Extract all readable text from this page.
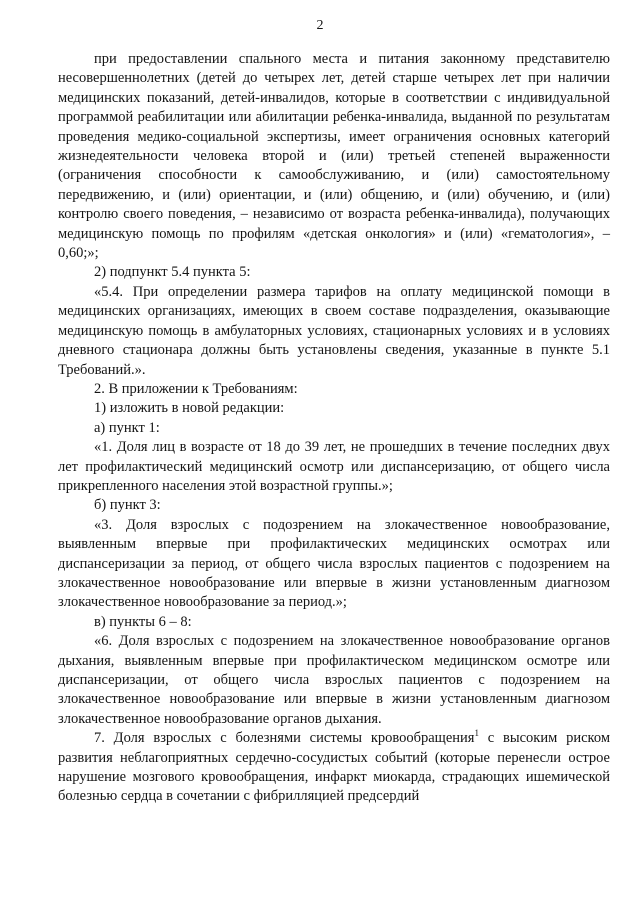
2

при предоставлении спального места и питания законному представителю несовершеннолетних (детей до четырех лет, детей старше четырех лет при наличии медицинских показаний, детей-инвалидов, которые в соответствии с индивидуальной программой реабилитации или абилитации ребенка-инвалида, выданной по результатам проведения медико-социальной экспертизы, имеет ограничения основных категорий жизнедеятельности человека второй и (или) третьей степеней выраженности (ограничения способности к самообслуживанию, и (или) самостоятельному передвижению, и (или) ориентации, и (или) общению, и (или) обучению, и (или) контролю своего поведения, – независимо от возраста ребенка-инвалида), получающих медицинскую помощь по профилям «детская онкология» и (или) «гематология», – 0,60;»;

2) подпункт 5.4 пункта 5:

«5.4. При определении размера тарифов на оплату медицинской помощи в медицинских организациях, имеющих в своем составе подразделения, оказывающие медицинскую помощь в амбулаторных условиях, стационарных условиях и в условиях дневного стационара должны быть установлены сведения, указанные в пункте 5.1 Требований.».

2. В приложении к Требованиям:

1) изложить в новой редакции:

а) пункт 1:

«1. Доля лиц в возрасте от 18 до 39 лет, не прошедших в течение последних двух лет профилактический медицинский осмотр или диспансеризацию, от общего числа прикрепленного населения этой возрастной группы.»;

б) пункт 3:

«3. Доля взрослых с подозрением на злокачественное новообразование, выявленным впервые при профилактических медицинских осмотрах или диспансеризации за период, от общего числа взрослых пациентов с подозрением на злокачественное новообразование или впервые в жизни установленным диагнозом злокачественное новообразование за период.»;

в) пункты 6 – 8:

«6. Доля взрослых с подозрением на злокачественное новообразование органов дыхания, выявленным впервые при профилактическом медицинском осмотре или диспансеризации, от общего числа взрослых пациентов с подозрением на злокачественное новообразование или впервые в жизни установленным диагнозом злокачественное новообразование органов дыхания.

7. Доля взрослых с болезнями системы кровообращения$^1$ с высоким риском развития неблагоприятных сердечно-сосудистых событий (которые перенесли острое нарушение мозгового кровообращения, инфаркт миокарда, страдающих ишемической болезнью сердца в сочетании с фибрилляцией предсердий
